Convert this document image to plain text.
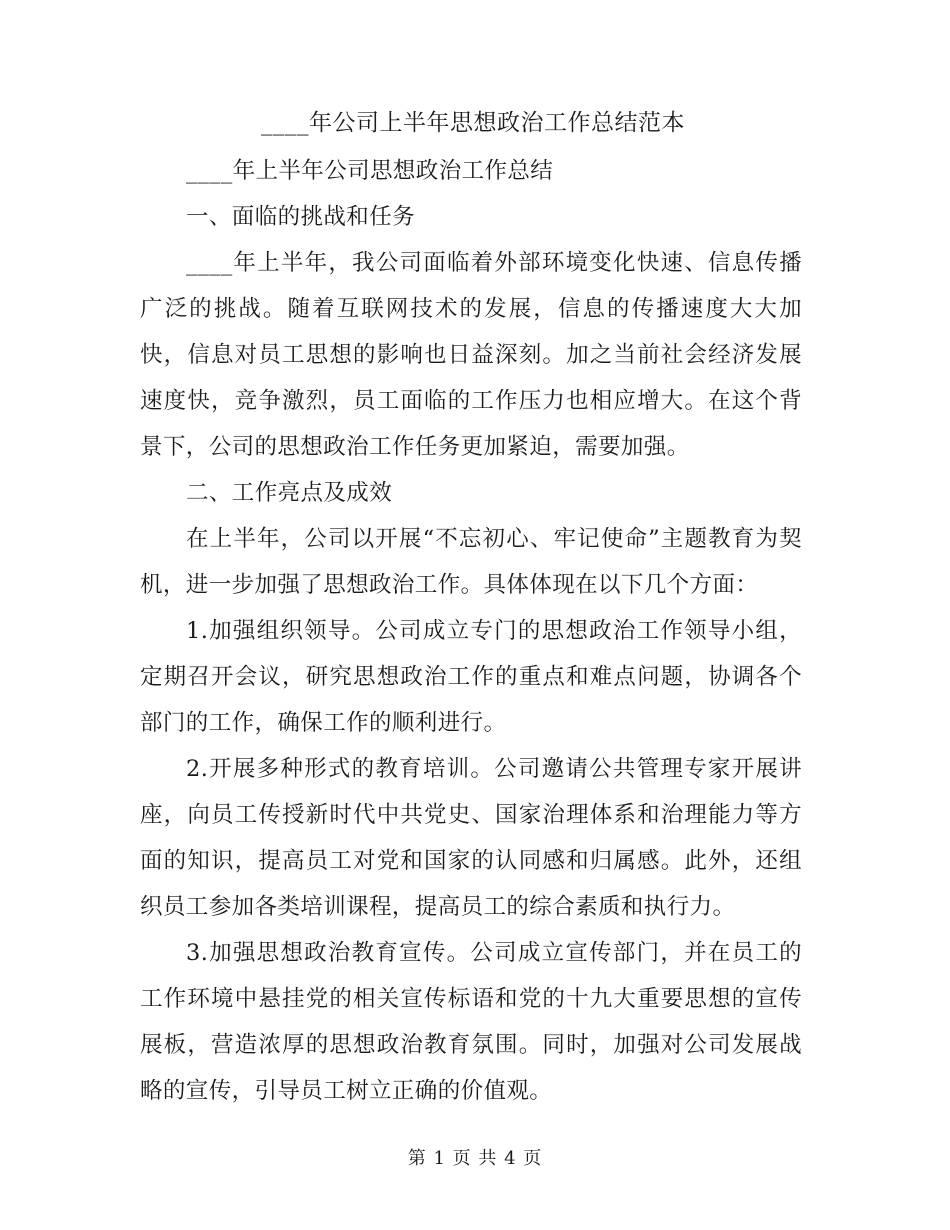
____年公司上半年思想政治工作总结范本

____年上半年公司思想政治工作总结

一、面临的挑战和任务

____年上半年，我公司面临着外部环境变化快速、信息传播广泛的挑战。随着互联网技术的发展，信息的传播速度大大加快，信息对员工思想的影响也日益深刻。加之当前社会经济发展速度快，竞争激烈，员工面临的工作压力也相应增大。在这个背景下，公司的思想政治工作任务更加紧迫，需要加强。

二、工作亮点及成效

在上半年，公司以开展“不忘初心、牢记使命”主题教育为契机，进一步加强了思想政治工作。具体体现在以下几个方面：

1.加强组织领导。公司成立专门的思想政治工作领导小组，定期召开会议，研究思想政治工作的重点和难点问题，协调各个部门的工作，确保工作的顺利进行。

2.开展多种形式的教育培训。公司邀请公共管理专家开展讲座，向员工传授新时代中共党史、国家治理体系和治理能力等方面的知识，提高员工对党和国家的认同感和归属感。此外，还组织员工参加各类培训课程，提高员工的综合素质和执行力。

3.加强思想政治教育宣传。公司成立宣传部门，并在员工的工作环境中悬挂党的相关宣传标语和党的十九大重要思想的宣传展板，营造浓厚的思想政治教育氛围。同时，加强对公司发展战略的宣传，引导员工树立正确的价值观。

第 1 页 共 4 页
